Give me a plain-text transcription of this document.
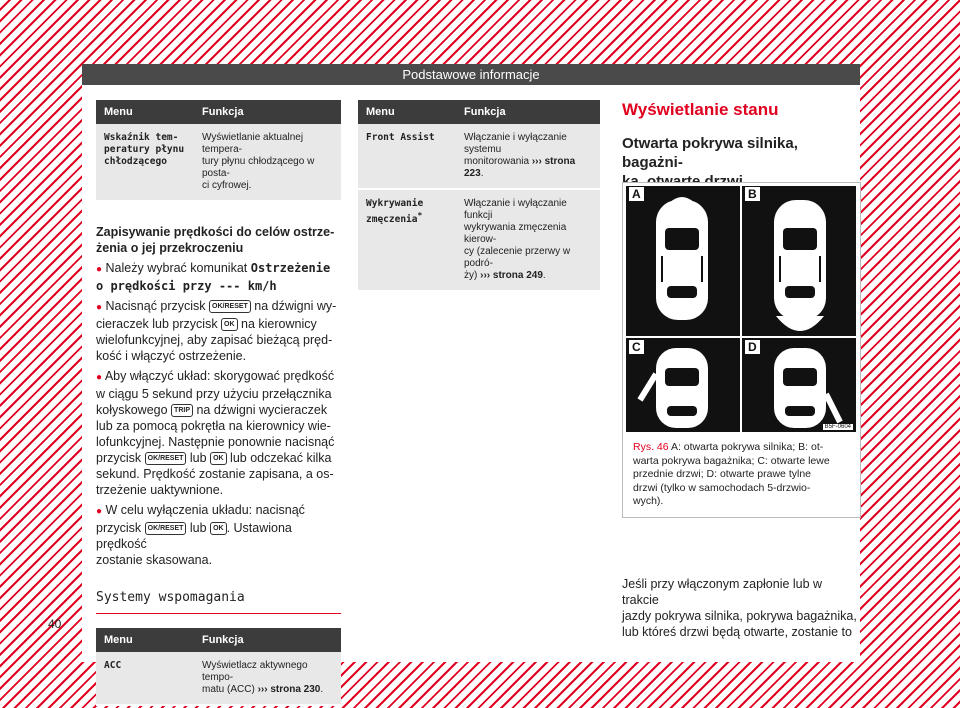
Podstawowe informacje
Menu	Funkcja
Wskaźnik tem-
peratury płynu
chłodzącego	Wyświetlanie aktualnej tempera-
tury płynu chłodzącego w posta-
ci cyfrowej.

Zapisywanie prędkości do celów ostrze-
żenia o jej przekroczeniu

● Należy wybrać komunikat Ostrzeżenie
o prędkości przy --- km/h

● Nacisnąć przycisk OK/RESET na dźwigni wy-
cieraczek lub przycisk OK na kierownicy
wielofunkcyjnej, aby zapisać bieżącą pręd-
kość i włączyć ostrzeżenie.

● Aby włączyć układ: skorygować prędkość
w ciągu 5 sekund przy użyciu przełącznika
kołyskowego TRIP na dźwigni wycieraczek
lub za pomocą pokrętła na kierownicy wie-
lofunkcyjnej. Następnie ponownie nacisnąć
przycisk OK/RESET lub OK lub odczekać kilka
sekund. Prędkość zostanie zapisana, a os-
trzeżenie uaktywnione.

● W celu wyłączenia układu: nacisnąć
przycisk OK/RESET lub OK . Ustawiona prędkość
zostanie skasowana.

Systemy wspomagania
Menu	Funkcja
ACC	Wyświetlacz aktywnego tempo-
matu (ACC) ››› strona 230.
Menu	Funkcja
Front Assist	Włączanie i wyłączanie systemu
monitorowania ››› strona 223.
Wykrywanie
zmęczenia*	Włączanie i wyłączanie funkcji
wykrywania zmęczenia kierow-
cy (zalecenie przerwy w podró-
ży) ››› strona 249.

Wyświetlanie stanu

Otwarta pokrywa silnika, bagażni-

A	B
C	D
B5F-0604
Rys. 46 A: otwarta pokrywa silnika; B: ot-
warta pokrywa bagażnika; C: otwarte lewe
przednie drzwi; D: otwarte prawe tylne
drzwi (tylko w samochodach 5-drzwio-
wych).

Jeśli przy włączonym zapłonie lub w trakcie
jazdy pokrywa silnika, pokrywa bagażnika,
lub któreś drzwi będą otwarte, zostanie to

40
